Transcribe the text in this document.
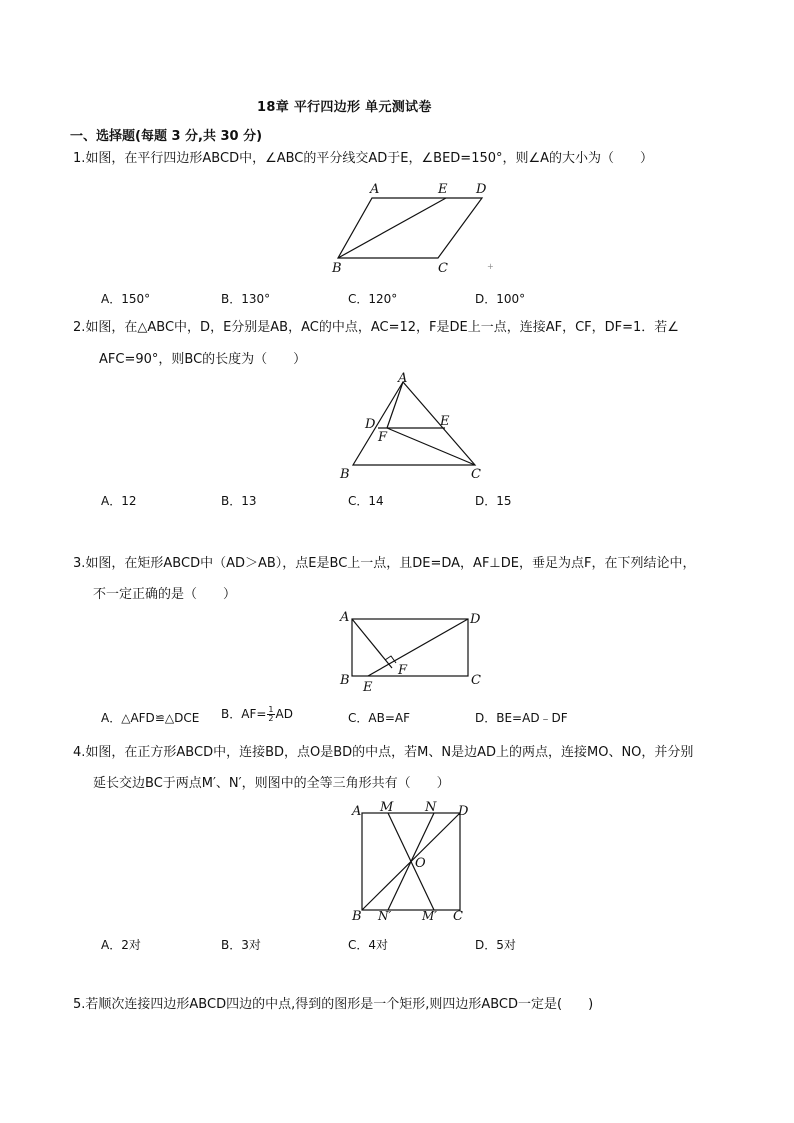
18章 平行四边形 单元测试卷
一、选择题(每题 3 分,共 30 分)
1.如图，在平行四边形ABCD中，∠ABC的平分线交AD于E，∠BED=150°，则∠A的大小为（　　）
A	E D
B	C	+
A．150°	B．130°	C．120°	D．100°
2.如图，在△ABC中，D，E分别是AB，AC的中点，AC=12，F是DE上一点，连接AF，CF，DF=1．若∠
AFC=90°，则BC的长度为（　　）
A
D
F
E
B	C
A．12	B．13	C．14	D．15
3.如图，在矩形ABCD中（AD＞AB），点E是BC上一点，且DE=DA，AF⊥DE，垂足为点F，在下列结论中，
不一定正确的是（　　）
A	D
B
F
E	C
A．△AFD≌△DCE B．$AF= \frac{1}{2}$ AD	C．AB=AF	D．BE=AD﹣DF
4.如图，在正方形ABCD中，连接BD，点O是BD的中点，若M、N是边AD上的两点，连接MO、NO，并分别
延长交边BC于两点M′、N′，则图中的全等三角形共有（　　）
A M N D
O
B N′	M′ C
A．2对	B．3对	C．4对	D．5对
5.若顺次连接四边形ABCD四边的中点,得到的图形是一个矩形,则四边形ABCD一定是(　　)
